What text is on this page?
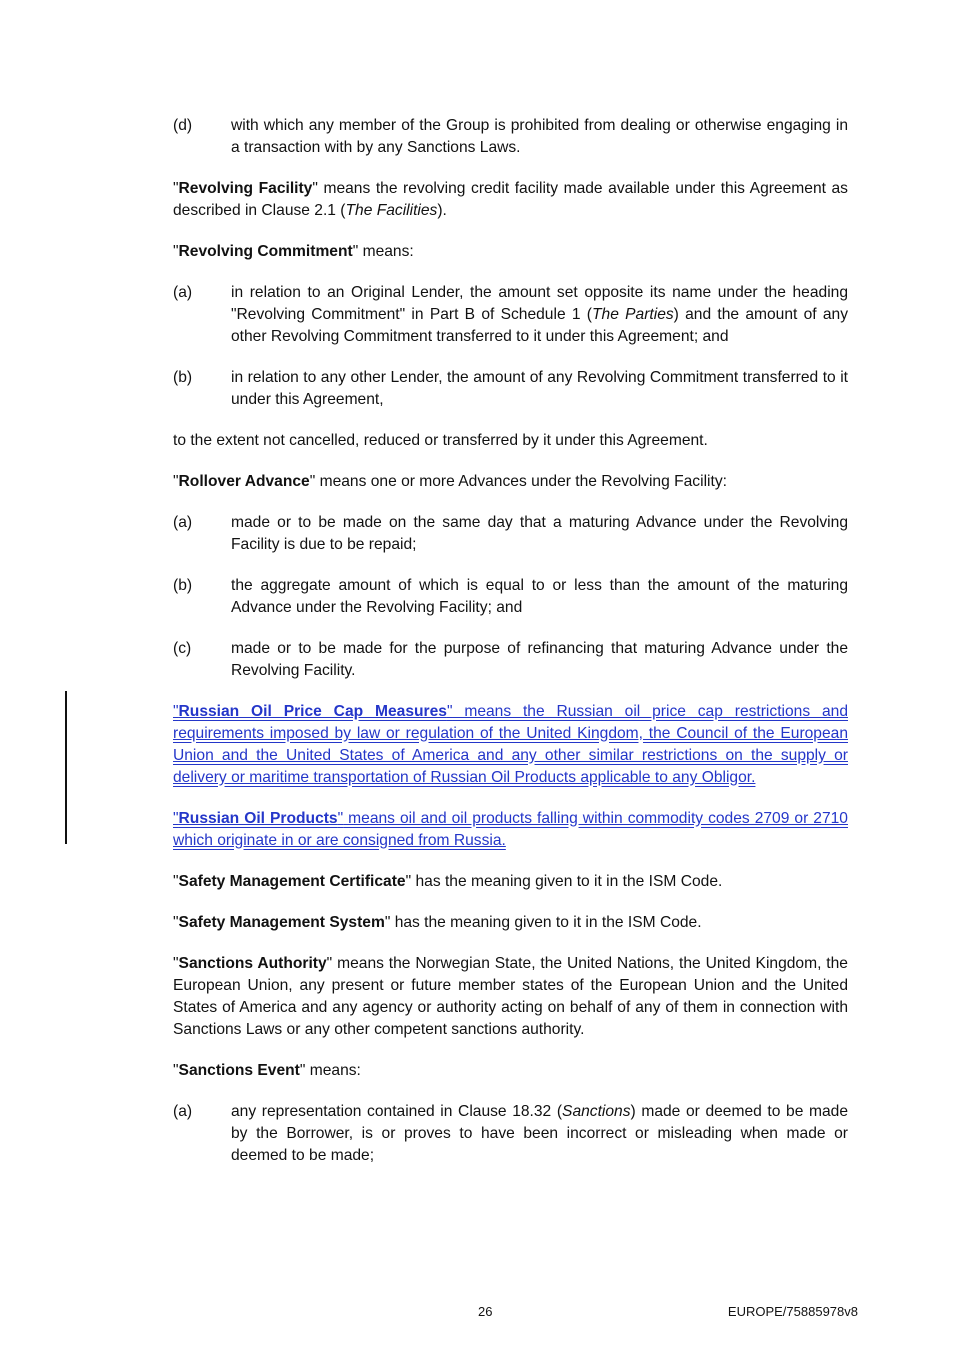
(d) with which any member of the Group is prohibited from dealing or otherwise engaging in a transaction with by any Sanctions Laws.

"Revolving Facility" means the revolving credit facility made available under this Agreement as described in Clause 2.1 (The Facilities).

"Revolving Commitment" means:

(a) in relation to an Original Lender, the amount set opposite its name under the heading "Revolving Commitment" in Part B of Schedule 1 (The Parties) and the amount of any other Revolving Commitment transferred to it under this Agreement; and
(b) in relation to any other Lender, the amount of any Revolving Commitment transferred to it under this Agreement,

to the extent not cancelled, reduced or transferred by it under this Agreement.

"Rollover Advance" means one or more Advances under the Revolving Facility:

(a) made or to be made on the same day that a maturing Advance under the Revolving Facility is due to be repaid;
(b) the aggregate amount of which is equal to or less than the amount of the maturing Advance under the Revolving Facility; and
(c)	made or to be made for the purpose of refinancing that maturing Advance under the Revolving Facility.

"Russian Oil Price Cap Measures" means the Russian oil price cap restrictions and requirements imposed by law or regulation of the United Kingdom, the Council of the European Union and the United States of America and any other similar restrictions on the supply or delivery or maritime transportation of Russian Oil Products applicable to any Obligor.

"Russian Oil Products" means oil and oil products falling within commodity codes 2709 or 2710 which originate in or are consigned from Russia.

"Safety Management Certificate" has the meaning given to it in the ISM Code.

"Safety Management System" has the meaning given to it in the ISM Code.

"Sanctions Authority" means the Norwegian State, the United Nations, the United Kingdom, the European Union, any present or future member states of the European Union and the United States of America and any agency or authority acting on behalf of any of them in connection with Sanctions Laws or any other competent sanctions authority.

"Sanctions Event" means:

(a) any representation contained in Clause 18.32 (Sanctions) made or deemed to be made by the Borrower, is or proves to have been incorrect or misleading when made or deemed to be made;
26	EUROPE/75885978v8
